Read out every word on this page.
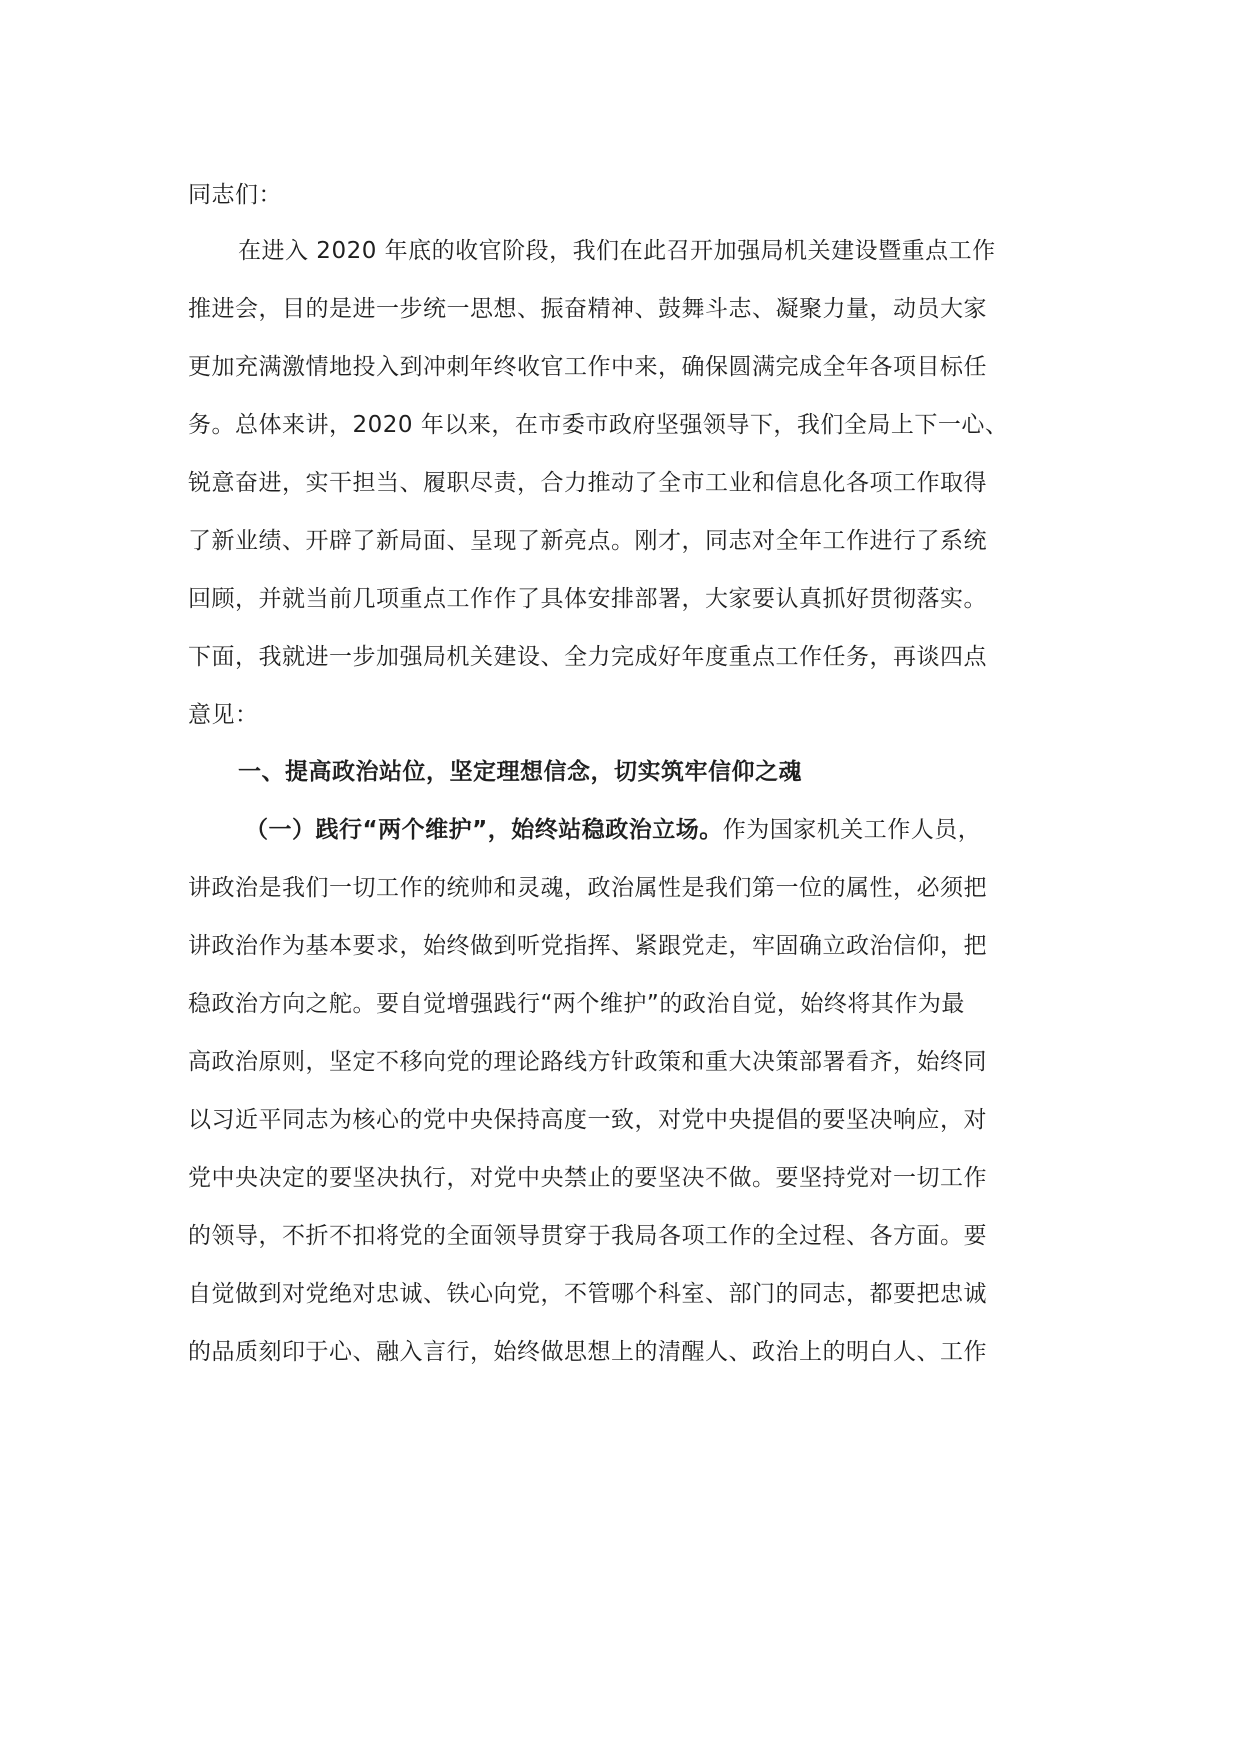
同志们：
在进入 2020 年底的收官阶段，我们在此召开加强局机关建设暨重点工作
推进会，目的是进一步统一思想、振奋精神、鼓舞斗志、凝聚力量，动员大家
更加充满激情地投入到冲刺年终收官工作中来，确保圆满完成全年各项目标任
务。总体来讲，2020 年以来，在市委市政府坚强领导下，我们全局上下一心、
锐意奋进，实干担当、履职尽责，合力推动了全市工业和信息化各项工作取得
了新业绩、开辟了新局面、呈现了新亮点。刚才，同志对全年工作进行了系统
回顾，并就当前几项重点工作作了具体安排部署，大家要认真抓好贯彻落实。
下面，我就进一步加强局机关建设、全力完成好年度重点工作任务，再谈四点
意见：
一、提高政治站位，坚定理想信念，切实筑牢信仰之魂
（一）践行“两个维护”，始终站稳政治立场。作为国家机关工作人员，
讲政治是我们一切工作的统帅和灵魂，政治属性是我们第一位的属性，必须把
讲政治作为基本要求，始终做到听党指挥、紧跟党走，牢固确立政治信仰，把
稳政治方向之舵。要自觉增强践行“两个维护”的政治自觉，始终将其作为最
高政治原则，坚定不移向党的理论路线方针政策和重大决策部署看齐，始终同
以习近平同志为核心的党中央保持高度一致，对党中央提倡的要坚决响应，对
党中央决定的要坚决执行，对党中央禁止的要坚决不做。要坚持党对一切工作
的领导，不折不扣将党的全面领导贯穿于我局各项工作的全过程、各方面。要
自觉做到对党绝对忠诚、铁心向党，不管哪个科室、部门的同志，都要把忠诚
的品质刻印于心、融入言行，始终做思想上的清醒人、政治上的明白人、工作
